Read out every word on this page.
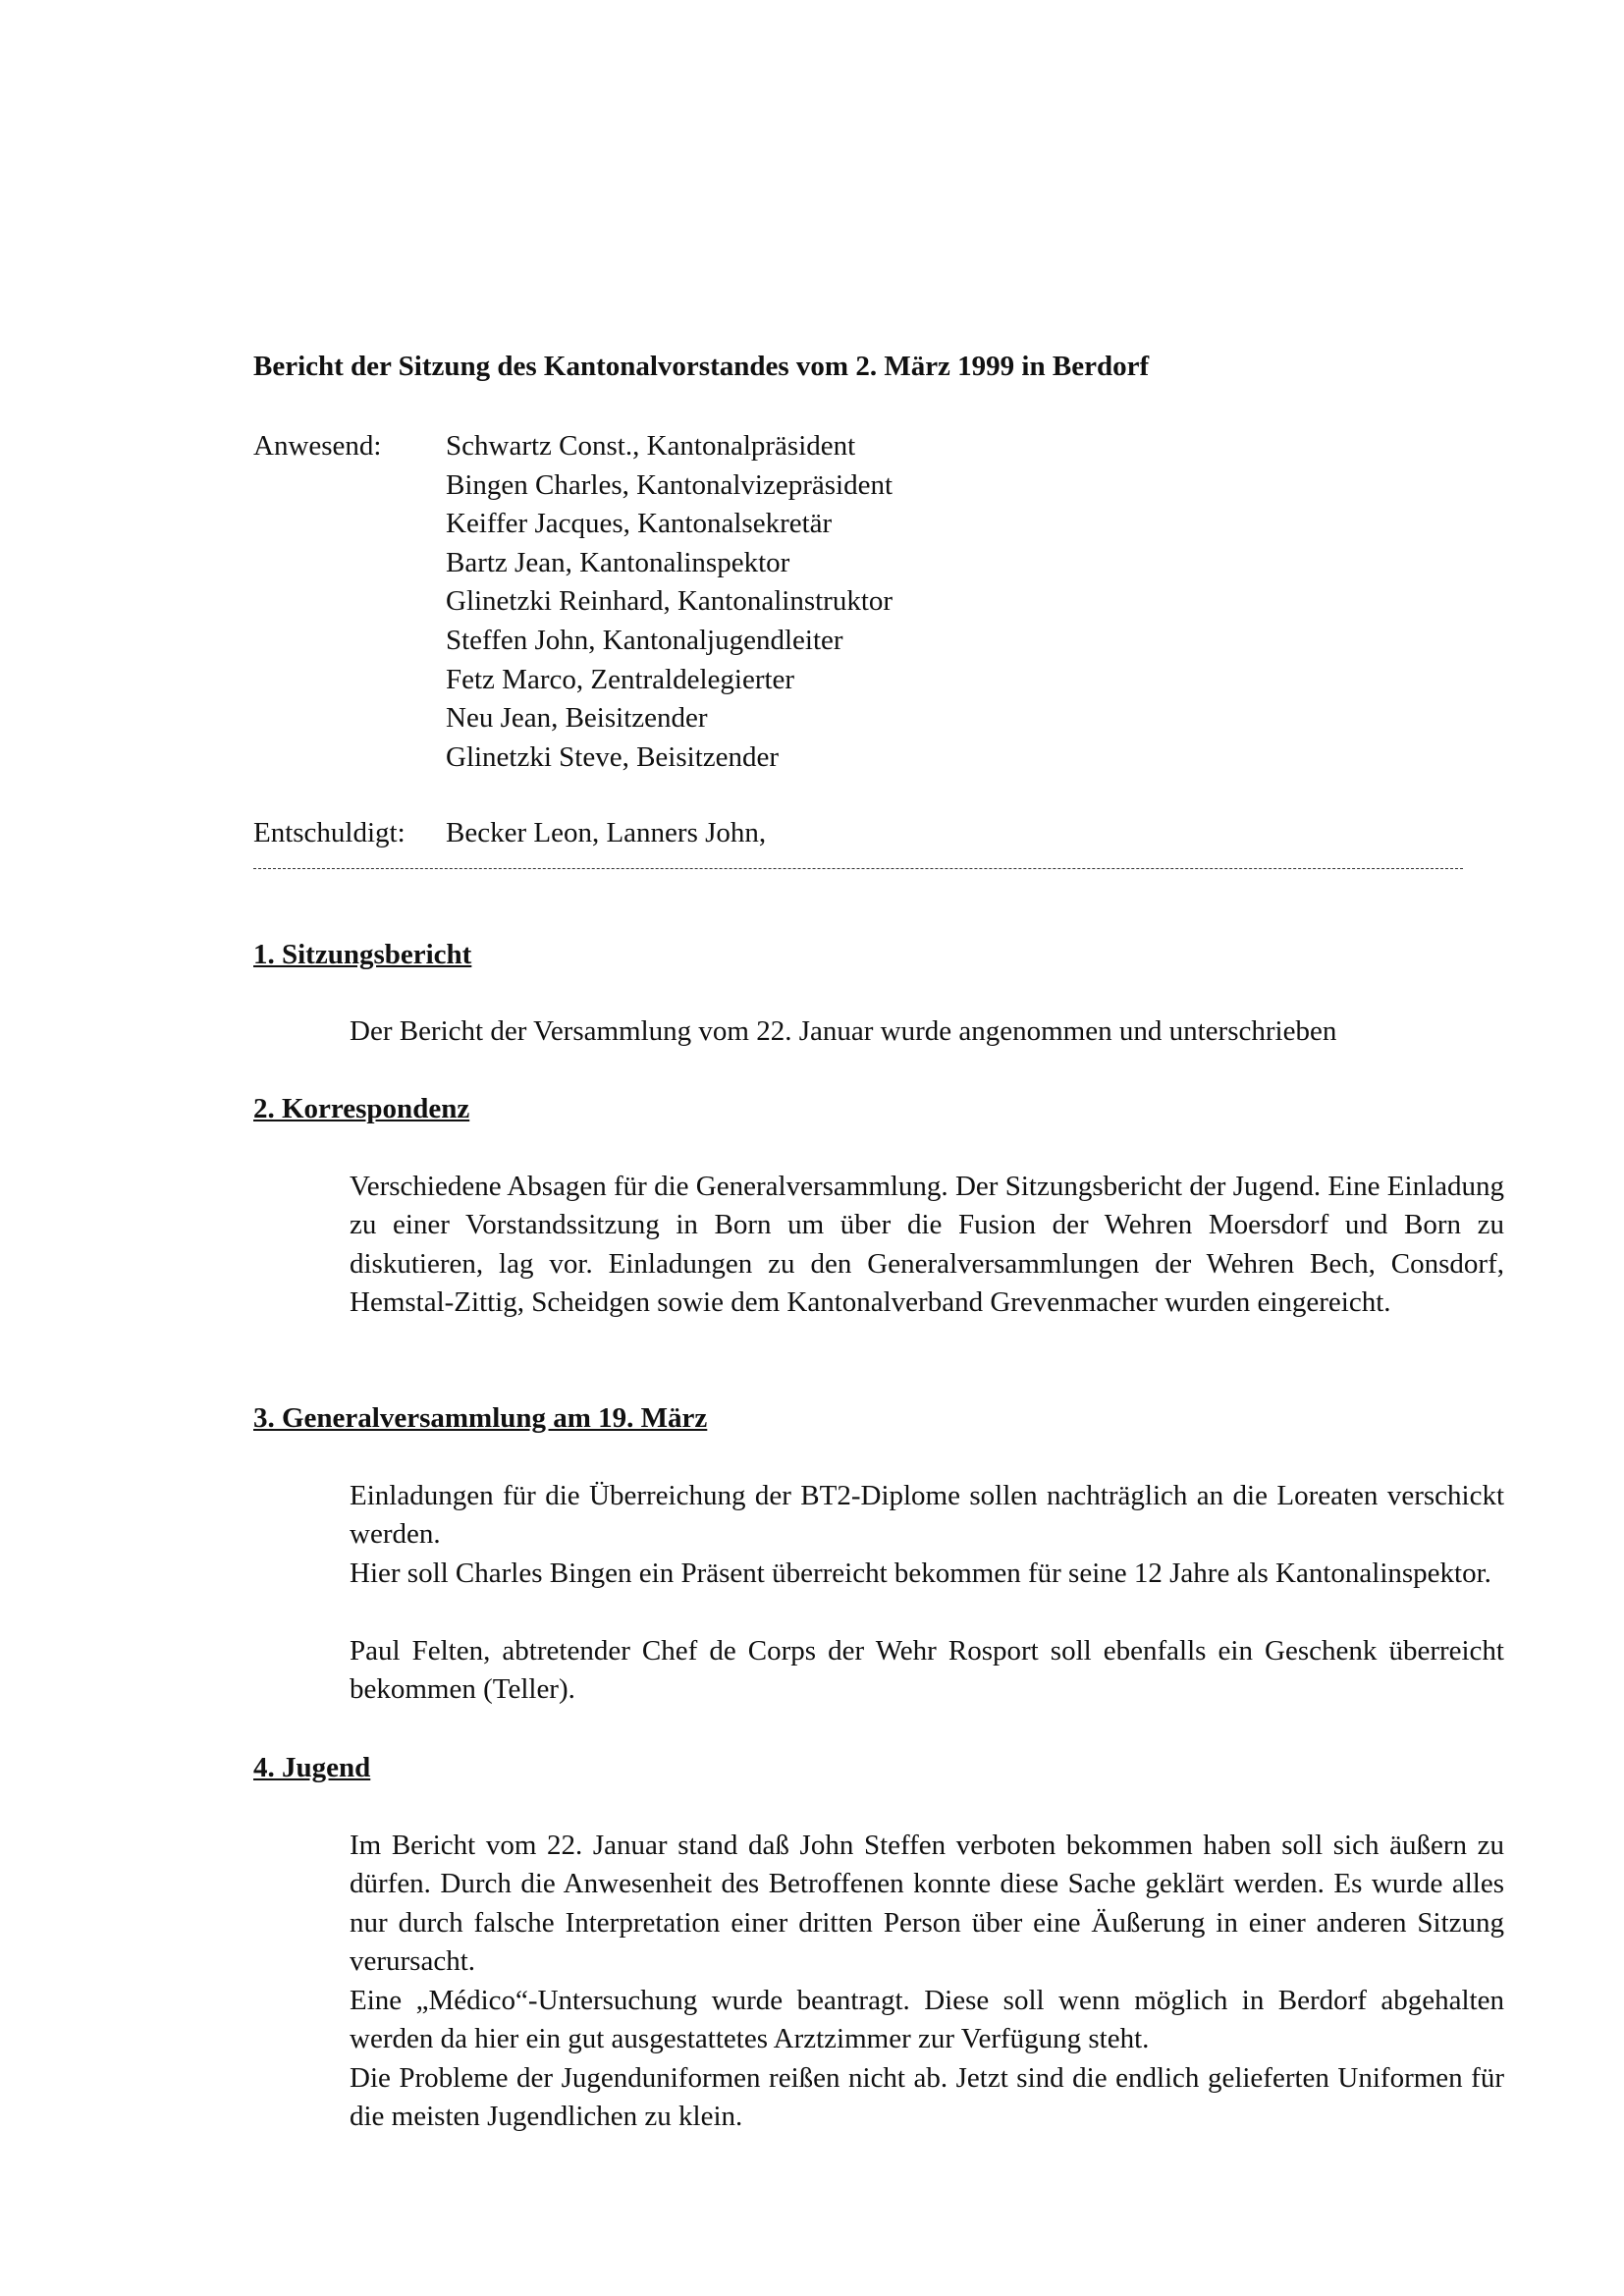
Bericht der Sitzung des Kantonalvorstandes vom 2. März 1999 in Berdorf
Anwesend: Schwartz Const., Kantonalpräsident
Bingen Charles, Kantonalvizepräsident
Keiffer Jacques, Kantonalsekretär
Bartz Jean, Kantonalinspektor
Glinetzki Reinhard, Kantonalinstruktor
Steffen John, Kantonaljugendleiter
Fetz Marco, Zentraldelegierter
Neu Jean, Beisitzender
Glinetzki Steve, Beisitzender
Entschuldigt: Becker Leon, Lanners John,
1. Sitzungsbericht

Der Bericht der Versammlung vom 22. Januar wurde angenommen und unterschrieben

2. Korrespondenz

Verschiedene Absagen für die Generalversammlung. Der Sitzungsbericht der Jugend. Eine Einladung zu einer Vorstandssitzung in Born um über die Fusion der Wehren Moersdorf und Born zu diskutieren, lag vor. Einladungen zu den Generalversammlungen der Wehren Bech, Consdorf, Hemstal-Zittig, Scheidgen sowie dem Kantonalverband Grevenmacher wurden eingereicht.

3. Generalversammlung am 19. März

Einladungen für die Überreichung der BT2-Diplome sollen nachträglich an die Loreaten verschickt werden.

Hier soll Charles Bingen ein Präsent überreicht bekommen für seine 12 Jahre als Kantonalinspektor.

Paul Felten, abtretender Chef de Corps der Wehr Rosport soll ebenfalls ein Geschenk überreicht bekommen (Teller).

4. Jugend

Im Bericht vom 22. Januar stand daß John Steffen verboten bekommen haben soll sich äußern zu dürfen. Durch die Anwesenheit des Betroffenen konnte diese Sache geklärt werden. Es wurde alles nur durch falsche Interpretation einer dritten Person über eine Äußerung in einer anderen Sitzung verursacht.

Eine „Médico“-Untersuchung wurde beantragt. Diese soll wenn möglich in Berdorf abgehalten werden da hier ein gut ausgestattetes Arztzimmer zur Verfügung steht.

Die Probleme der Jugenduniformen reißen nicht ab. Jetzt sind die endlich gelieferten Uniformen für die meisten Jugendlichen zu klein.
